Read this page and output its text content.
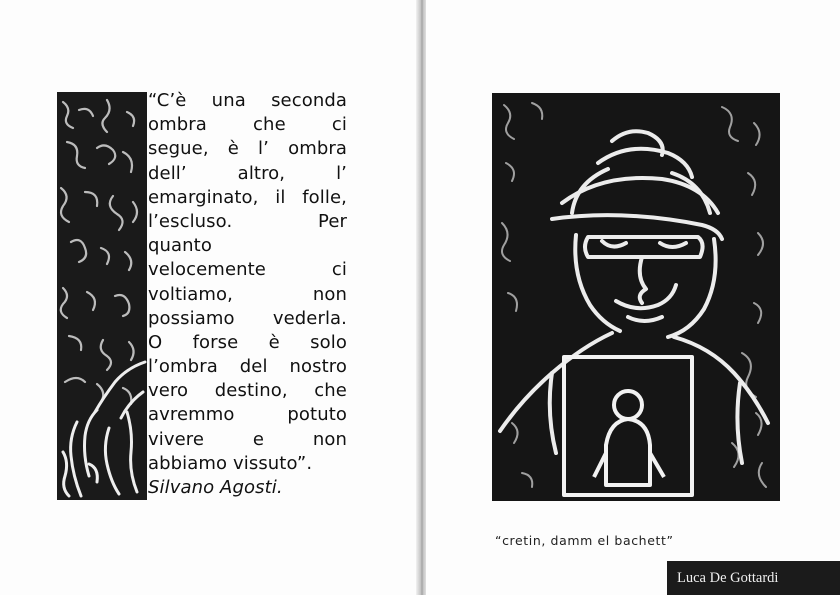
“C’è una seconda
ombra che ci
segue, è l’ ombra
dell’ altro, l’
emarginato, il folle,
l’escluso. Per
quanto
velocemente ci
voltiamo, non
possiamo vederla.
O forse è solo
l’ombra del nostro
vero destino, che
avremmo potuto
vivere e non
abbiamo vissuto”.
Silvano Agosti.
“cretin, damm el bachett”
Luca De Gottardi
